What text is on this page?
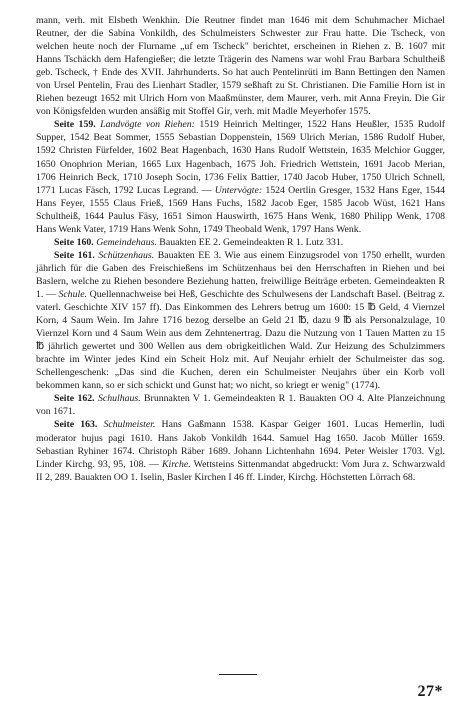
mann, verh. mit Elsbeth Wenkhin. Die Reutner findet man 1646 mit dem Schuhmacher Michael Reutner, der die Sabina Vonkildh, des Schulmeisters Schwester zur Frau hatte. Die Tscheck, von welchen heute noch der Flurname „uf em Tscheck" berichtet, erscheinen in Riehen z. B. 1607 mit Hanns Tschäckh dem Hafengießer; die letzte Trägerin des Namens war wohl Frau Barbara Schultheiß geb. Tscheck, † Ende des XVII. Jahrhunderts. So hat auch Pentelinrüti im Bann Bettingen den Namen von Ursel Pentelin, Frau des Lienhart Stadler, 1579 seßhaft zu St. Christianen. Die Familie Horn ist in Riehen bezeugt 1652 mit Ulrich Horn von Maaßmünster, dem Maurer, verh. mit Anna Freyin. Die Gir von Königsfelden wurden ansäßig mit Stoffel Gir, verh. mit Madle Meyerhofer 1575.

Seite 159. Landvögte von Riehen: 1519 Heinrich Meltinger, 1522 Hans Heußler, 1535 Rudolf Supper, 1542 Beat Sommer, 1555 Sebastian Doppenstein, 1569 Ulrich Merian, 1586 Rudolf Huber, 1592 Christen Fürfelder, 1602 Beat Hagenbach, 1630 Hans Rudolf Wettstein, 1635 Melchior Gugger, 1650 Onophrion Merian, 1665 Lux Hagenbach, 1675 Joh. Friedrich Wettstein, 1691 Jacob Merian, 1706 Heinrich Beck, 1710 Joseph Socin, 1736 Felix Battier, 1740 Jacob Huber, 1750 Ulrich Schnell, 1771 Lucas Fäsch, 1792 Lucas Legrand. — Untervögte: 1524 Oertlin Gresger, 1532 Hans Eger, 1544 Hans Feyer, 1555 Claus Frieß, 1569 Hans Fuchs, 1582 Jacob Eger, 1585 Jacob Wüst, 1621 Hans Schultheiß, 1644 Paulus Fäsy, 1651 Simon Hauswirth, 1675 Hans Wenk, 1680 Philipp Wenk, 1708 Hans Wenk Vater, 1719 Hans Wenk Sohn, 1749 Theobald Wenk, 1797 Hans Wenk.

Seite 160. Gemeindehaus. Bauakten EE 2. Gemeindeakten R 1. Lutz 331.

Seite 161. Schützenhaus. Bauakten EE 3. Wie aus einem Einzugsrodel von 1750 erhellt, wurden jährlich für die Gaben des Freischießens im Schützenhaus bei den Herrschaften in Riehen und bei Baslern, welche zu Riehen besondere Beziehung hatten, freiwillige Beiträge erbeten. Gemeindeakten R 1. — Schule. Quellennachweise bei Heß, Geschichte des Schulwesens der Landschaft Basel. (Beitrag z. vaterl. Geschichte XIV 157 ff). Das Einkommen des Lehrers betrug um 1600: 15 ℔ Geld, 4 Viernzel Korn, 4 Saum Wein. Im Jahre 1716 bezog derselbe an Geld 21 ℔, dazu 9 ℔ als Personalzulage, 10 Viernzel Korn und 4 Saum Wein aus dem Zehntenertrag. Dazu die Nutzung von 1 Tauen Matten zu 15 ℔ jährlich gewertet und 300 Wellen aus dem obrigkeitlichen Wald. Zur Heizung des Schulzimmers brachte im Winter jedes Kind ein Scheit Holz mit. Auf Neujahr erhielt der Schulmeister das sog. Schellengeschenk: „Das sind die Kuchen, deren ein Schulmeister Neujahrs über ein Korb voll bekommen kann, so er sich schickt und Gunst hat; wo nicht, so kriegt er wenig" (1774).

Seite 162. Schulhaus. Brunnakten V 1. Gemeindeakten R 1. Bauakten OO 4. Alte Planzeichnung von 1671.

Seite 163. Schulmeister. Hans Gaßmann 1538. Kaspar Geiger 1601. Lucas Hemerlin, ludi moderator hujus pagi 1610. Hans Jakob Vonkildh 1644. Samuel Hag 1650. Jacob Müller 1659. Sebastian Ryhiner 1674. Christoph Räber 1689. Johann Lichtenhahn 1694. Peter Weisler 1703. Vgl. Linder Kirchg. 93, 95, 108. — Kirche. Wettsteins Sittenmandat abgedruckt: Vom Jura z. Schwarzwald II 2, 289. Bauakten OO 1. Iselin, Basler Kirchen I 46 ff. Linder, Kirchg. Höchstetten Lörrach 68.

27*
